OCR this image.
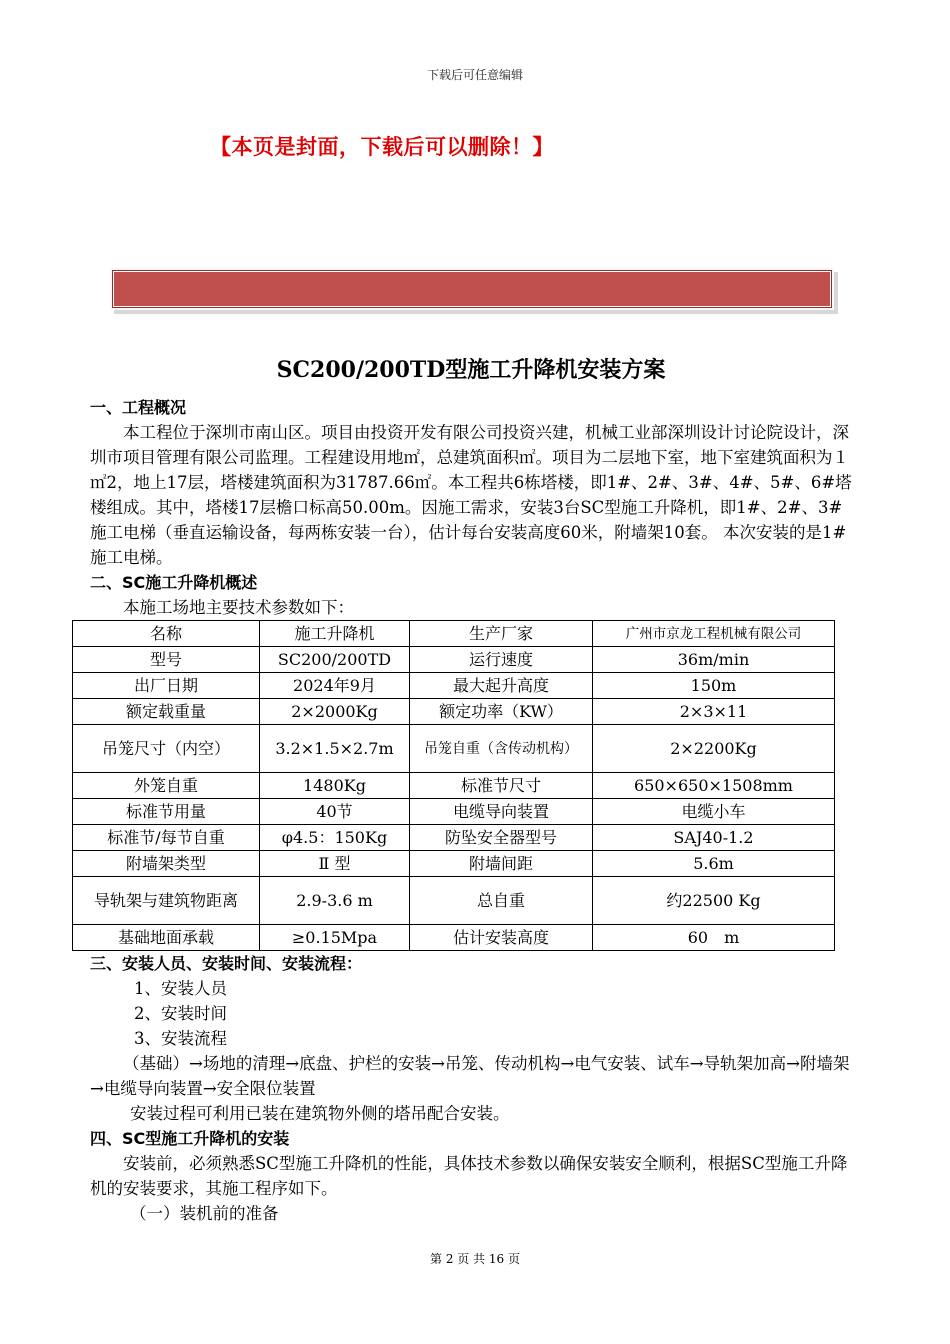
下载后可任意编辑
【本页是封面，下载后可以删除！】
SC200/200TD型施工升降机安装方案
一、工程概况

本工程位于深圳市南山区。项目由投资开发有限公司投资兴建，机械工业部深圳设计讨论院设计，深圳市项目管理有限公司监理。工程建设用地㎡，总建筑面积㎡。项目为二层地下室，地下室建筑面积为１㎡2，地上17层，塔楼建筑面积为31787.66㎡。本工程共6栋塔楼，即1#、2#、3#、4#、5#、6#塔楼组成。其中，塔楼17层檐口标高50.00m。因施工需求，安装3台SC型施工升降机，即1#、2#、3#施工电梯（垂直运输设备，每两栋安装一台），估计每台安装高度60米，附墙架10套。 本次安装的是1#施工电梯。

二、SC施工升降机概述

本施工场地主要技术参数如下：

名称	施工升降机	生产厂家	广州市京龙工程机械有限公司
型号	SC200/200TD	运行速度	36m/min
出厂日期	2024年9月	最大起升高度	150m
额定载重量	2×2000Kg	额定功率（KW）	2×3×11
吊笼尺寸（内空）	3.2×1.5×2.7m	吊笼自重（含传动机构）	2×2200Kg
外笼自重	1480Kg	标准节尺寸	650×650×1508mm
标准节用量	40节	电缆导向装置	电缆小车
标准节/每节自重	φ4.5：150Kg	防坠安全器型号	SAJ40-1.2
附墙架类型	Ⅱ 型	附墙间距	5.6m
导轨架与建筑物距离	2.9-3.6 m	总自重	约22500 Kg
基础地面承载	≥0.15Mpa	估计安装高度	60　m
三、安装人员、安装时间、安装流程：

1、安装人员

2、安装时间

3、安装流程

（基础）→场地的清理→底盘、护栏的安装→吊笼、传动机构→电气安装、试车→导轨架加高→附墙架→电缆导向装置→安全限位装置

安装过程可利用已装在建筑物外侧的塔吊配合安装。

四、SC型施工升降机的安装

安装前，必须熟悉SC型施工升降机的性能，具体技术参数以确保安装安全顺利，根据SC型施工升降机的安装要求，其施工程序如下。

（一）装机前的准备

第 2 页 共 16 页
